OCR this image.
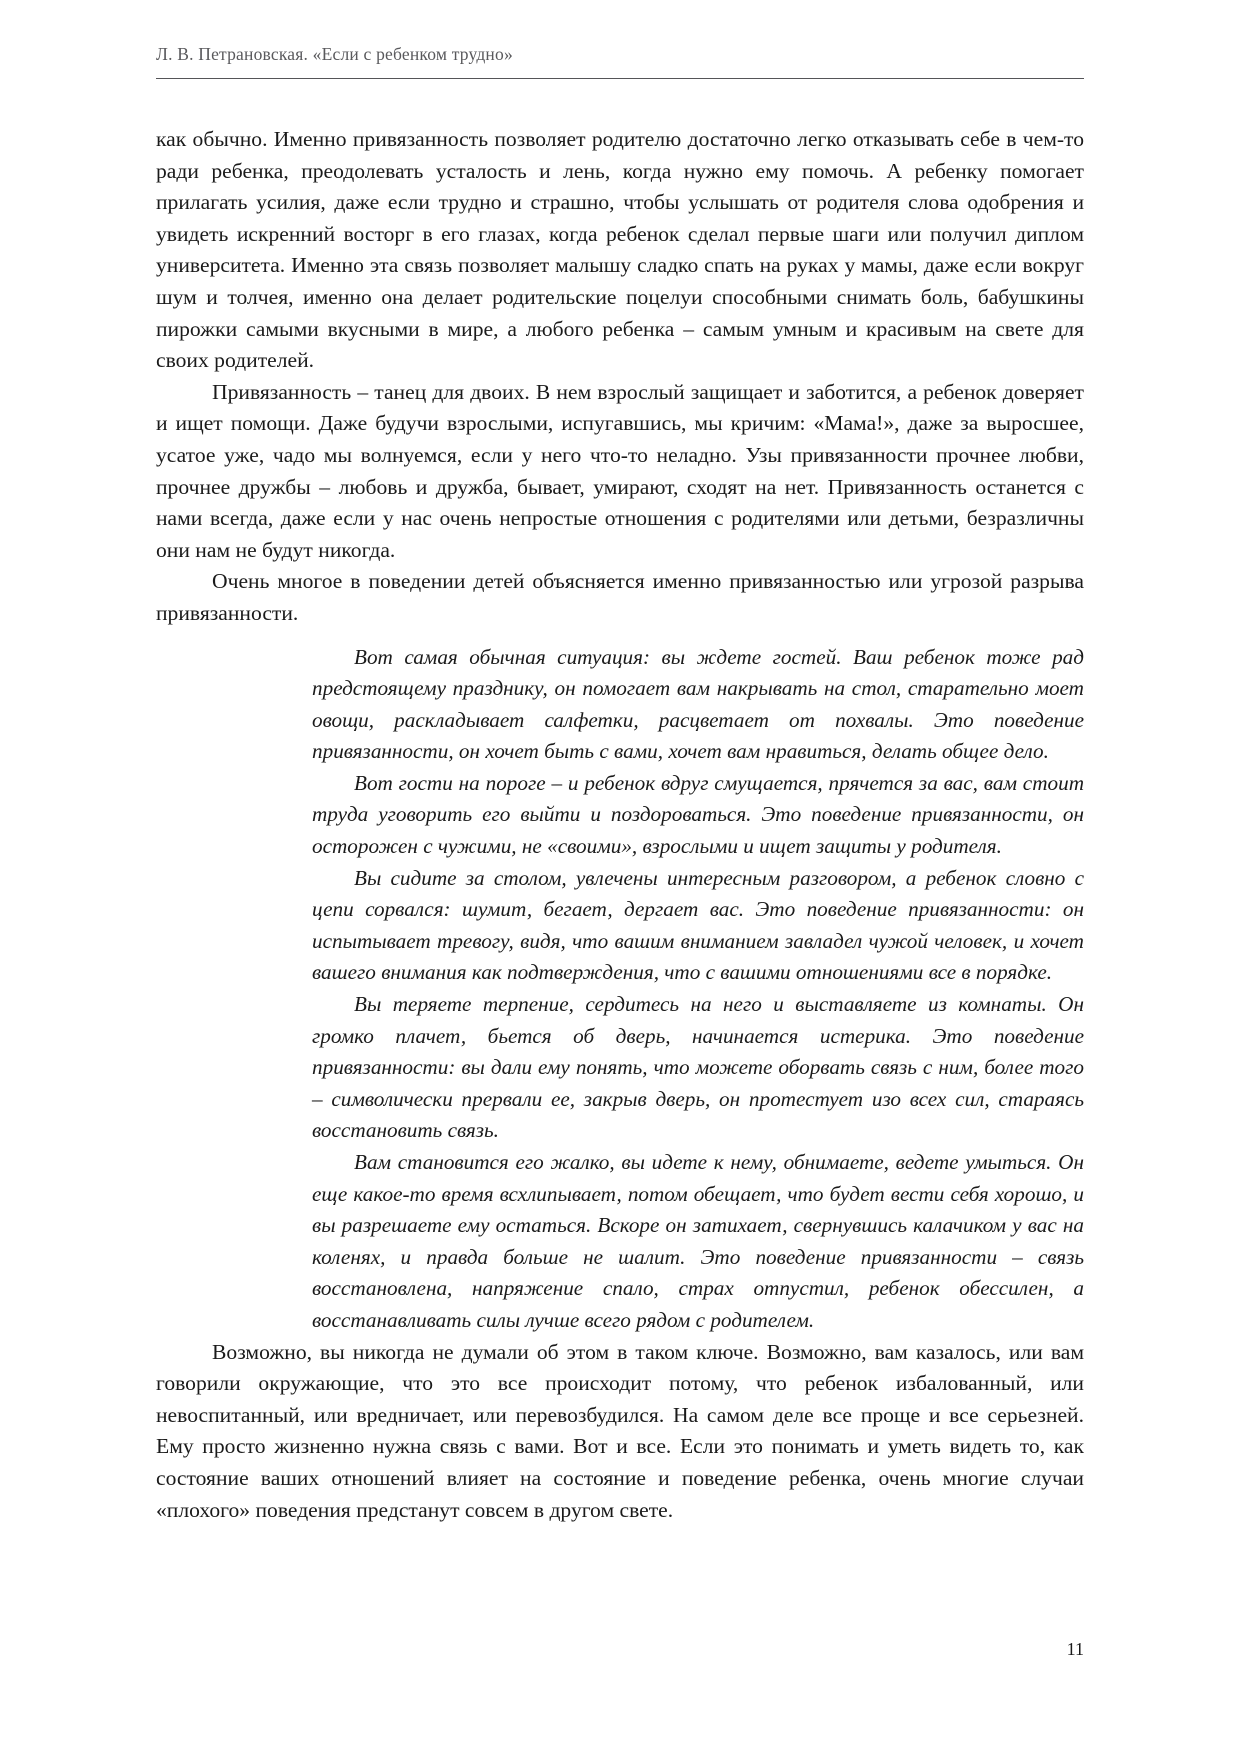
Л. В. Петрановская. «Если с ребенком трудно»

как обычно. Именно привязанность позволяет родителю достаточно легко отказывать себе в чем-то ради ребенка, преодолевать усталость и лень, когда нужно ему помочь. А ребенку помогает прилагать усилия, даже если трудно и страшно, чтобы услышать от родителя слова одобрения и увидеть искренний восторг в его глазах, когда ребенок сделал первые шаги или получил диплом университета. Именно эта связь позволяет малышу сладко спать на руках у мамы, даже если вокруг шум и толчея, именно она делает родительские поцелуи способными снимать боль, бабушкины пирожки самыми вкусными в мире, а любого ребенка – самым умным и красивым на свете для своих родителей.

Привязанность – танец для двоих. В нем взрослый защищает и заботится, а ребенок доверяет и ищет помощи. Даже будучи взрослыми, испугавшись, мы кричим: «Мама!», даже за выросшее, усатое уже, чадо мы волнуемся, если у него что-то неладно. Узы привязанности прочнее любви, прочнее дружбы – любовь и дружба, бывает, умирают, сходят на нет. Привязанность останется с нами всегда, даже если у нас очень непростые отношения с родителями или детьми, безразличны они нам не будут никогда.

Очень многое в поведении детей объясняется именно привязанностью или угрозой разрыва привязанности.

Вот самая обычная ситуация: вы ждете гостей. Ваш ребенок тоже рад предстоящему празднику, он помогает вам накрывать на стол, старательно моет овощи, раскладывает салфетки, расцветает от похвалы. Это поведение привязанности, он хочет быть с вами, хочет вам нравиться, делать общее дело.

Вот гости на пороге – и ребенок вдруг смущается, прячется за вас, вам стоит труда уговорить его выйти и поздороваться. Это поведение привязанности, он осторожен с чужими, не «своими», взрослыми и ищет защиты у родителя.

Вы сидите за столом, увлечены интересным разговором, а ребенок словно с цепи сорвался: шумит, бегает, дергает вас. Это поведение привязанности: он испытывает тревогу, видя, что вашим вниманием завладел чужой человек, и хочет вашего внимания как подтверждения, что с вашими отношениями все в порядке.

Вы теряете терпение, сердитесь на него и выставляете из комнаты. Он громко плачет, бьется об дверь, начинается истерика. Это поведение привязанности: вы дали ему понять, что можете оборвать связь с ним, более того – символически прервали ее, закрыв дверь, он протестует изо всех сил, стараясь восстановить связь.

Вам становится его жалко, вы идете к нему, обнимаете, ведете умыться. Он еще какое-то время всхлипывает, потом обещает, что будет вести себя хорошо, и вы разрешаете ему остаться. Вскоре он затихает, свернувшись калачиком у вас на коленях, и правда больше не шалит. Это поведение привязанности – связь восстановлена, напряжение спало, страх отпустил, ребенок обессилен, а восстанавливать силы лучше всего рядом с родителем.

Возможно, вы никогда не думали об этом в таком ключе. Возможно, вам казалось, или вам говорили окружающие, что это все происходит потому, что ребенок избалованный, или невоспитанный, или вредничает, или перевозбудился. На самом деле все проще и все серьезней. Ему просто жизненно нужна связь с вами. Вот и все. Если это понимать и уметь видеть то, как состояние ваших отношений влияет на состояние и поведение ребенка, очень многие случаи «плохого» поведения предстанут совсем в другом свете.

11
